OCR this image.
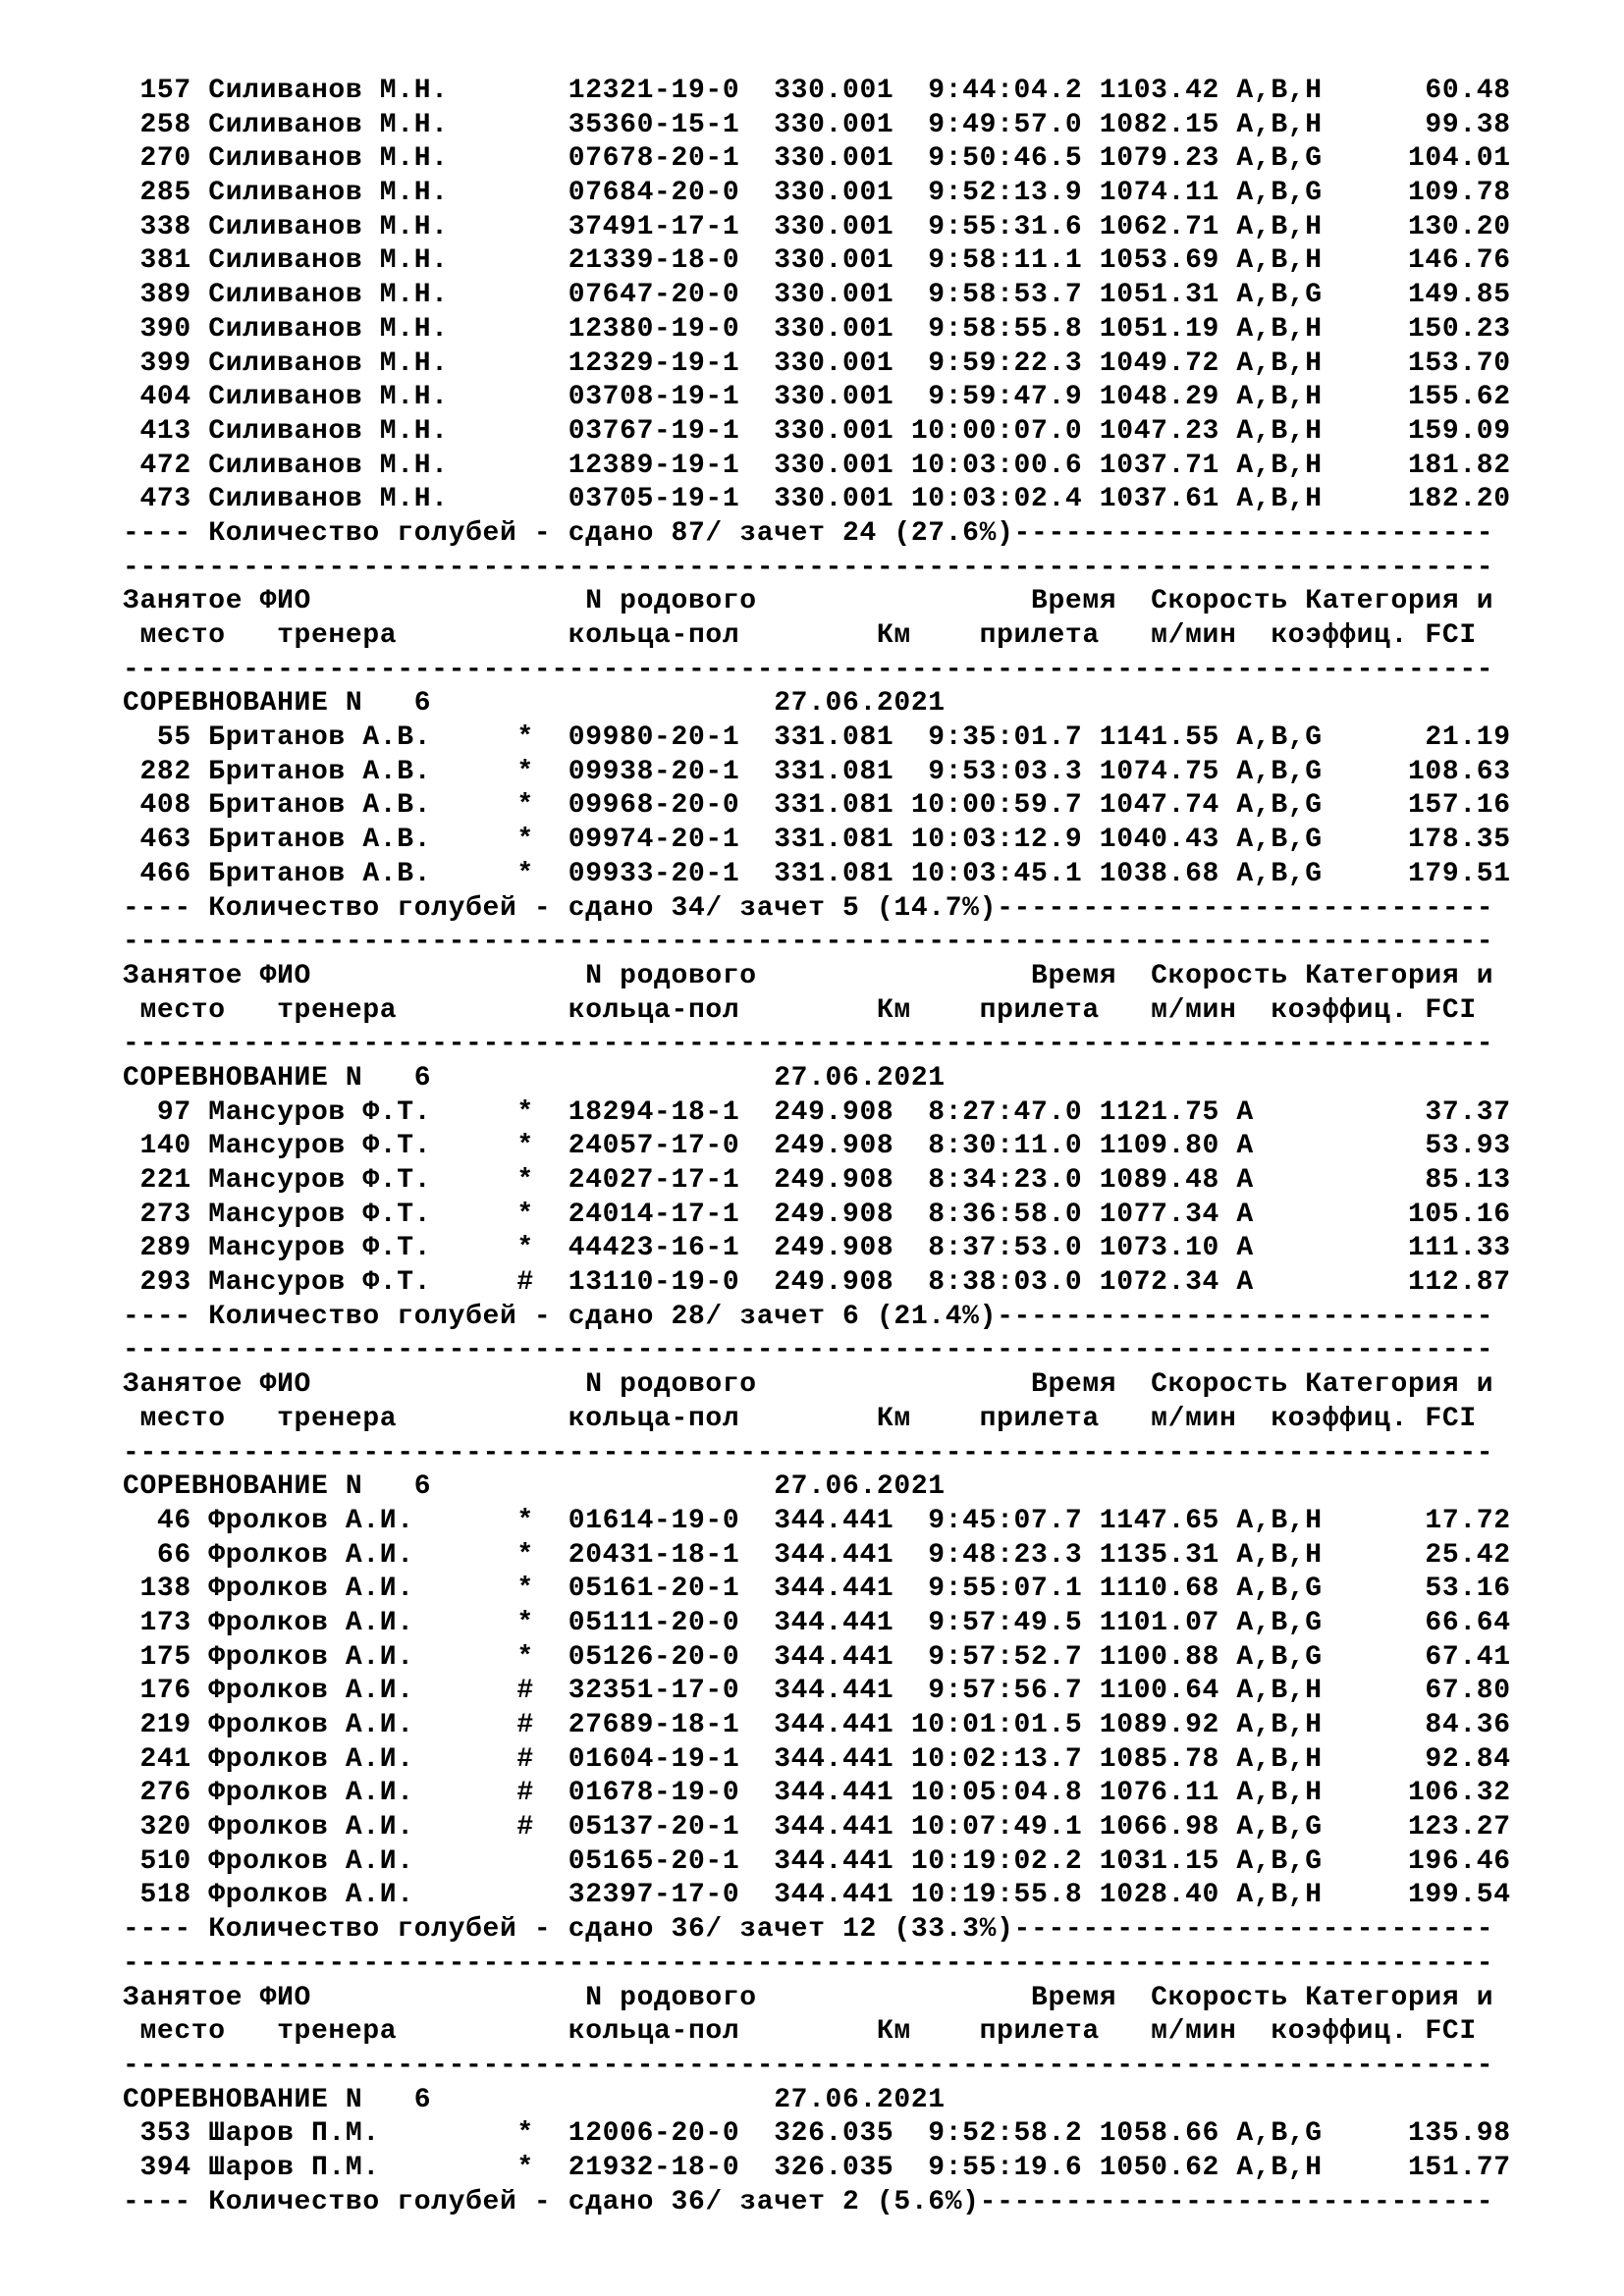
157 Силиванов М.Н.       12321-19-0  330.001  9:44:04.2 1103.42 A,B,H      60.48
258 Силиванов М.Н.       35360-15-1  330.001  9:49:57.0 1082.15 A,B,H      99.38
270 Силиванов М.Н.       07678-20-1  330.001  9:50:46.5 1079.23 A,B,G     104.01
285 Силиванов М.Н.       07684-20-0  330.001  9:52:13.9 1074.11 A,B,G     109.78
338 Силиванов М.Н.       37491-17-1  330.001  9:55:31.6 1062.71 A,B,H     130.20
381 Силиванов М.Н.       21339-18-0  330.001  9:58:11.1 1053.69 A,B,H     146.76
389 Силиванов М.Н.       07647-20-0  330.001  9:58:53.7 1051.31 A,B,G     149.85
390 Силиванов М.Н.       12380-19-0  330.001  9:58:55.8 1051.19 A,B,H     150.23
399 Силиванов М.Н.       12329-19-1  330.001  9:59:22.3 1049.72 A,B,H     153.70
404 Силиванов М.Н.       03708-19-1  330.001  9:59:47.9 1048.29 A,B,H     155.62
413 Силиванов М.Н.       03767-19-1  330.001 10:00:07.0 1047.23 A,B,H     159.09
472 Силиванов М.Н.       12389-19-1  330.001 10:03:00.6 1037.71 A,B,H     181.82
473 Силиванов М.Н.       03705-19-1  330.001 10:03:02.4 1037.61 A,B,H     182.20
---- Количество голубей - сдано 87/ зачет 24 (27.6%)----------------------------
--------------------------------------------------------------------------------
Занятое ФИО                N родового                Время  Скорость Категория и
место   тренера          кольца-пол        Км    прилета   м/мин  коэффиц. FCI
--------------------------------------------------------------------------------
СОРЕВНОВАНИЕ N   6                    27.06.2021
55 Британов А.В.     *  09980-20-1  331.081  9:35:01.7 1141.55 A,B,G      21.19
282 Британов А.В.     *  09938-20-1  331.081  9:53:03.3 1074.75 A,B,G     108.63
408 Британов А.В.     *  09968-20-0  331.081 10:00:59.7 1047.74 A,B,G     157.16
463 Британов А.В.     *  09974-20-1  331.081 10:03:12.9 1040.43 A,B,G     178.35
466 Британов А.В.     *  09933-20-1  331.081 10:03:45.1 1038.68 A,B,G     179.51
---- Количество голубей - сдано 34/ зачет 5 (14.7%)-----------------------------
--------------------------------------------------------------------------------
Занятое ФИО                N родового                Время  Скорость Категория и
место   тренера          кольца-пол        Км    прилета   м/мин  коэффиц. FCI
--------------------------------------------------------------------------------
СОРЕВНОВАНИЕ N   6                    27.06.2021
97 Мансуров Ф.Т.     *  18294-18-1  249.908  8:27:47.0 1121.75 A          37.37
140 Мансуров Ф.Т.     *  24057-17-0  249.908  8:30:11.0 1109.80 A          53.93
221 Мансуров Ф.Т.     *  24027-17-1  249.908  8:34:23.0 1089.48 A          85.13
273 Мансуров Ф.Т.     *  24014-17-1  249.908  8:36:58.0 1077.34 A         105.16
289 Мансуров Ф.Т.     *  44423-16-1  249.908  8:37:53.0 1073.10 A         111.33
293 Мансуров Ф.Т.     #  13110-19-0  249.908  8:38:03.0 1072.34 A         112.87
---- Количество голубей - сдано 28/ зачет 6 (21.4%)-----------------------------
--------------------------------------------------------------------------------
Занятое ФИО                N родового                Время  Скорость Категория и
место   тренера          кольца-пол        Км    прилета   м/мин  коэффиц. FCI
--------------------------------------------------------------------------------
СОРЕВНОВАНИЕ N   6                    27.06.2021
46 Фролков А.И.      *  01614-19-0  344.441  9:45:07.7 1147.65 A,B,H      17.72
66 Фролков А.И.      *  20431-18-1  344.441  9:48:23.3 1135.31 A,B,H      25.42
138 Фролков А.И.      *  05161-20-1  344.441  9:55:07.1 1110.68 A,B,G      53.16
173 Фролков А.И.      *  05111-20-0  344.441  9:57:49.5 1101.07 A,B,G      66.64
175 Фролков А.И.      *  05126-20-0  344.441  9:57:52.7 1100.88 A,B,G      67.41
176 Фролков А.И.      #  32351-17-0  344.441  9:57:56.7 1100.64 A,B,H      67.80
219 Фролков А.И.      #  27689-18-1  344.441 10:01:01.5 1089.92 A,B,H      84.36
241 Фролков А.И.      #  01604-19-1  344.441 10:02:13.7 1085.78 A,B,H      92.84
276 Фролков А.И.      #  01678-19-0  344.441 10:05:04.8 1076.11 A,B,H     106.32
320 Фролков А.И.      #  05137-20-1  344.441 10:07:49.1 1066.98 A,B,G     123.27
510 Фролков А.И.         05165-20-1  344.441 10:19:02.2 1031.15 A,B,G     196.46
518 Фролков А.И.         32397-17-0  344.441 10:19:55.8 1028.40 A,B,H     199.54
---- Количество голубей - сдано 36/ зачет 12 (33.3%)----------------------------
--------------------------------------------------------------------------------
Занятое ФИО                N родового                Время  Скорость Категория и
место   тренера          кольца-пол        Км    прилета   м/мин  коэффиц. FCI
--------------------------------------------------------------------------------
СОРЕВНОВАНИЕ N   6                    27.06.2021
353 Шаров П.М.        *  12006-20-0  326.035  9:52:58.2 1058.66 A,B,G     135.98
394 Шаров П.М.        *  21932-18-0  326.035  9:55:19.6 1050.62 A,B,H     151.77
---- Количество голубей - сдано 36/ зачет 2 (5.6%)------------------------------
